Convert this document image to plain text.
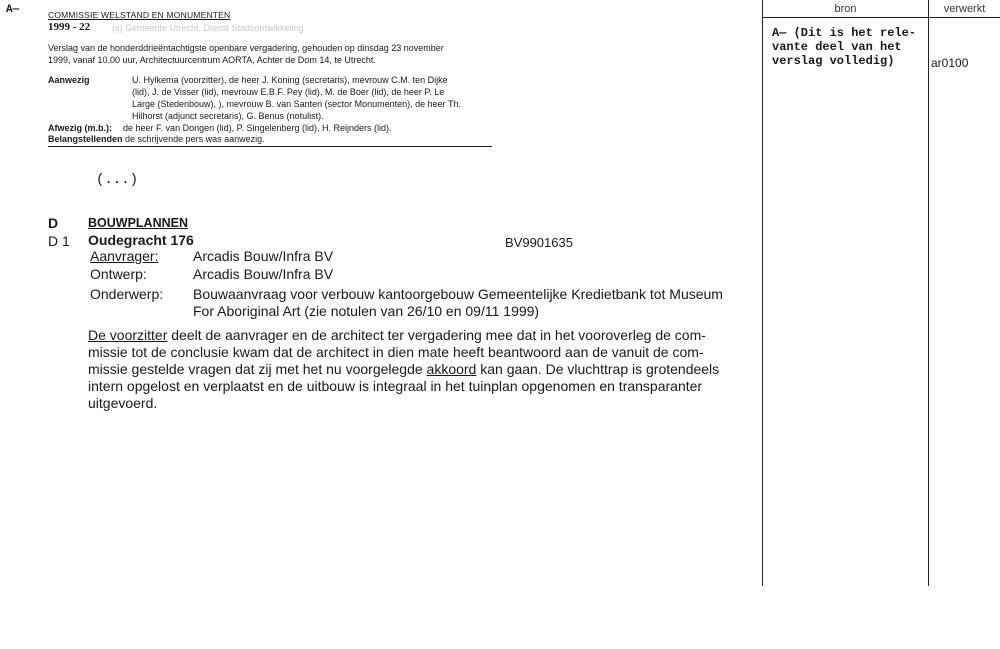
A—	COMMISSIE WELSTAND EN MONUMENTEN
1999 - 22 (c) Gemeente Utrecht, Dienst Stadsontwikkeling
Verslag van de honderddrieëntachtigste openbare vergadering, gehouden op dinsdag 23 november
1999, vanaf 10.00 uur, Architectuurcentrum AORTA, Achter de Dom 14, te Utrecht.
Aanwezig	U. Hylkema (voorzitter), de heer J. Koning (secretaris), mevrouw C.M. ten Dijke
(lid), J. de Visser (lid), mevrouw E.B.F. Pey (lid), M. de Boer (lid), de heer P. Le
Large (Stedenbouw), ), mevrouw B. van Santen (sector Monumenten), de heer Th.
Hilhorst (adjunct secretaris), G. Benus (notulist).
Afwezig (m.b.): de heer F. van Dongen (lid), P. Singelenberg (lid), H. Reijnders (lid).
Belangstellenden de schrijvende pers was aanwezig.
(...)
D BOUWPLANNEN
D 1 Oudegracht 176	BV9901635
Aanvrager: Arcadis Bouw/Infra BV
Ontwerp:	Arcadis Bouw/Infra BV
Onderwerp: Bouwaanvraag voor verbouw kantoorgebouw Gemeentelijke Kredietbank tot Museum
For Aboriginal Art (zie notulen van 26/10 en 09/11 1999)
De voorzitter deelt de aanvrager en de architect ter vergadering mee dat in het vooroverleg de com-
missie tot de conclusie kwam dat de architect in dien mate heeft beantwoord aan de vanuit de com-
missie gestelde vragen dat zij met het nu voorgelegde akkoord kan gaan. De vluchttrap is grotendeels
intern opgelost en verplaatst en de uitbouw is integraal in het tuinplan opgenomen en transparanter
uitgevoerd.
bron	verwerkt
A— (Dit is het rele-
vante deel van het
verslag volledig)	ar0100
